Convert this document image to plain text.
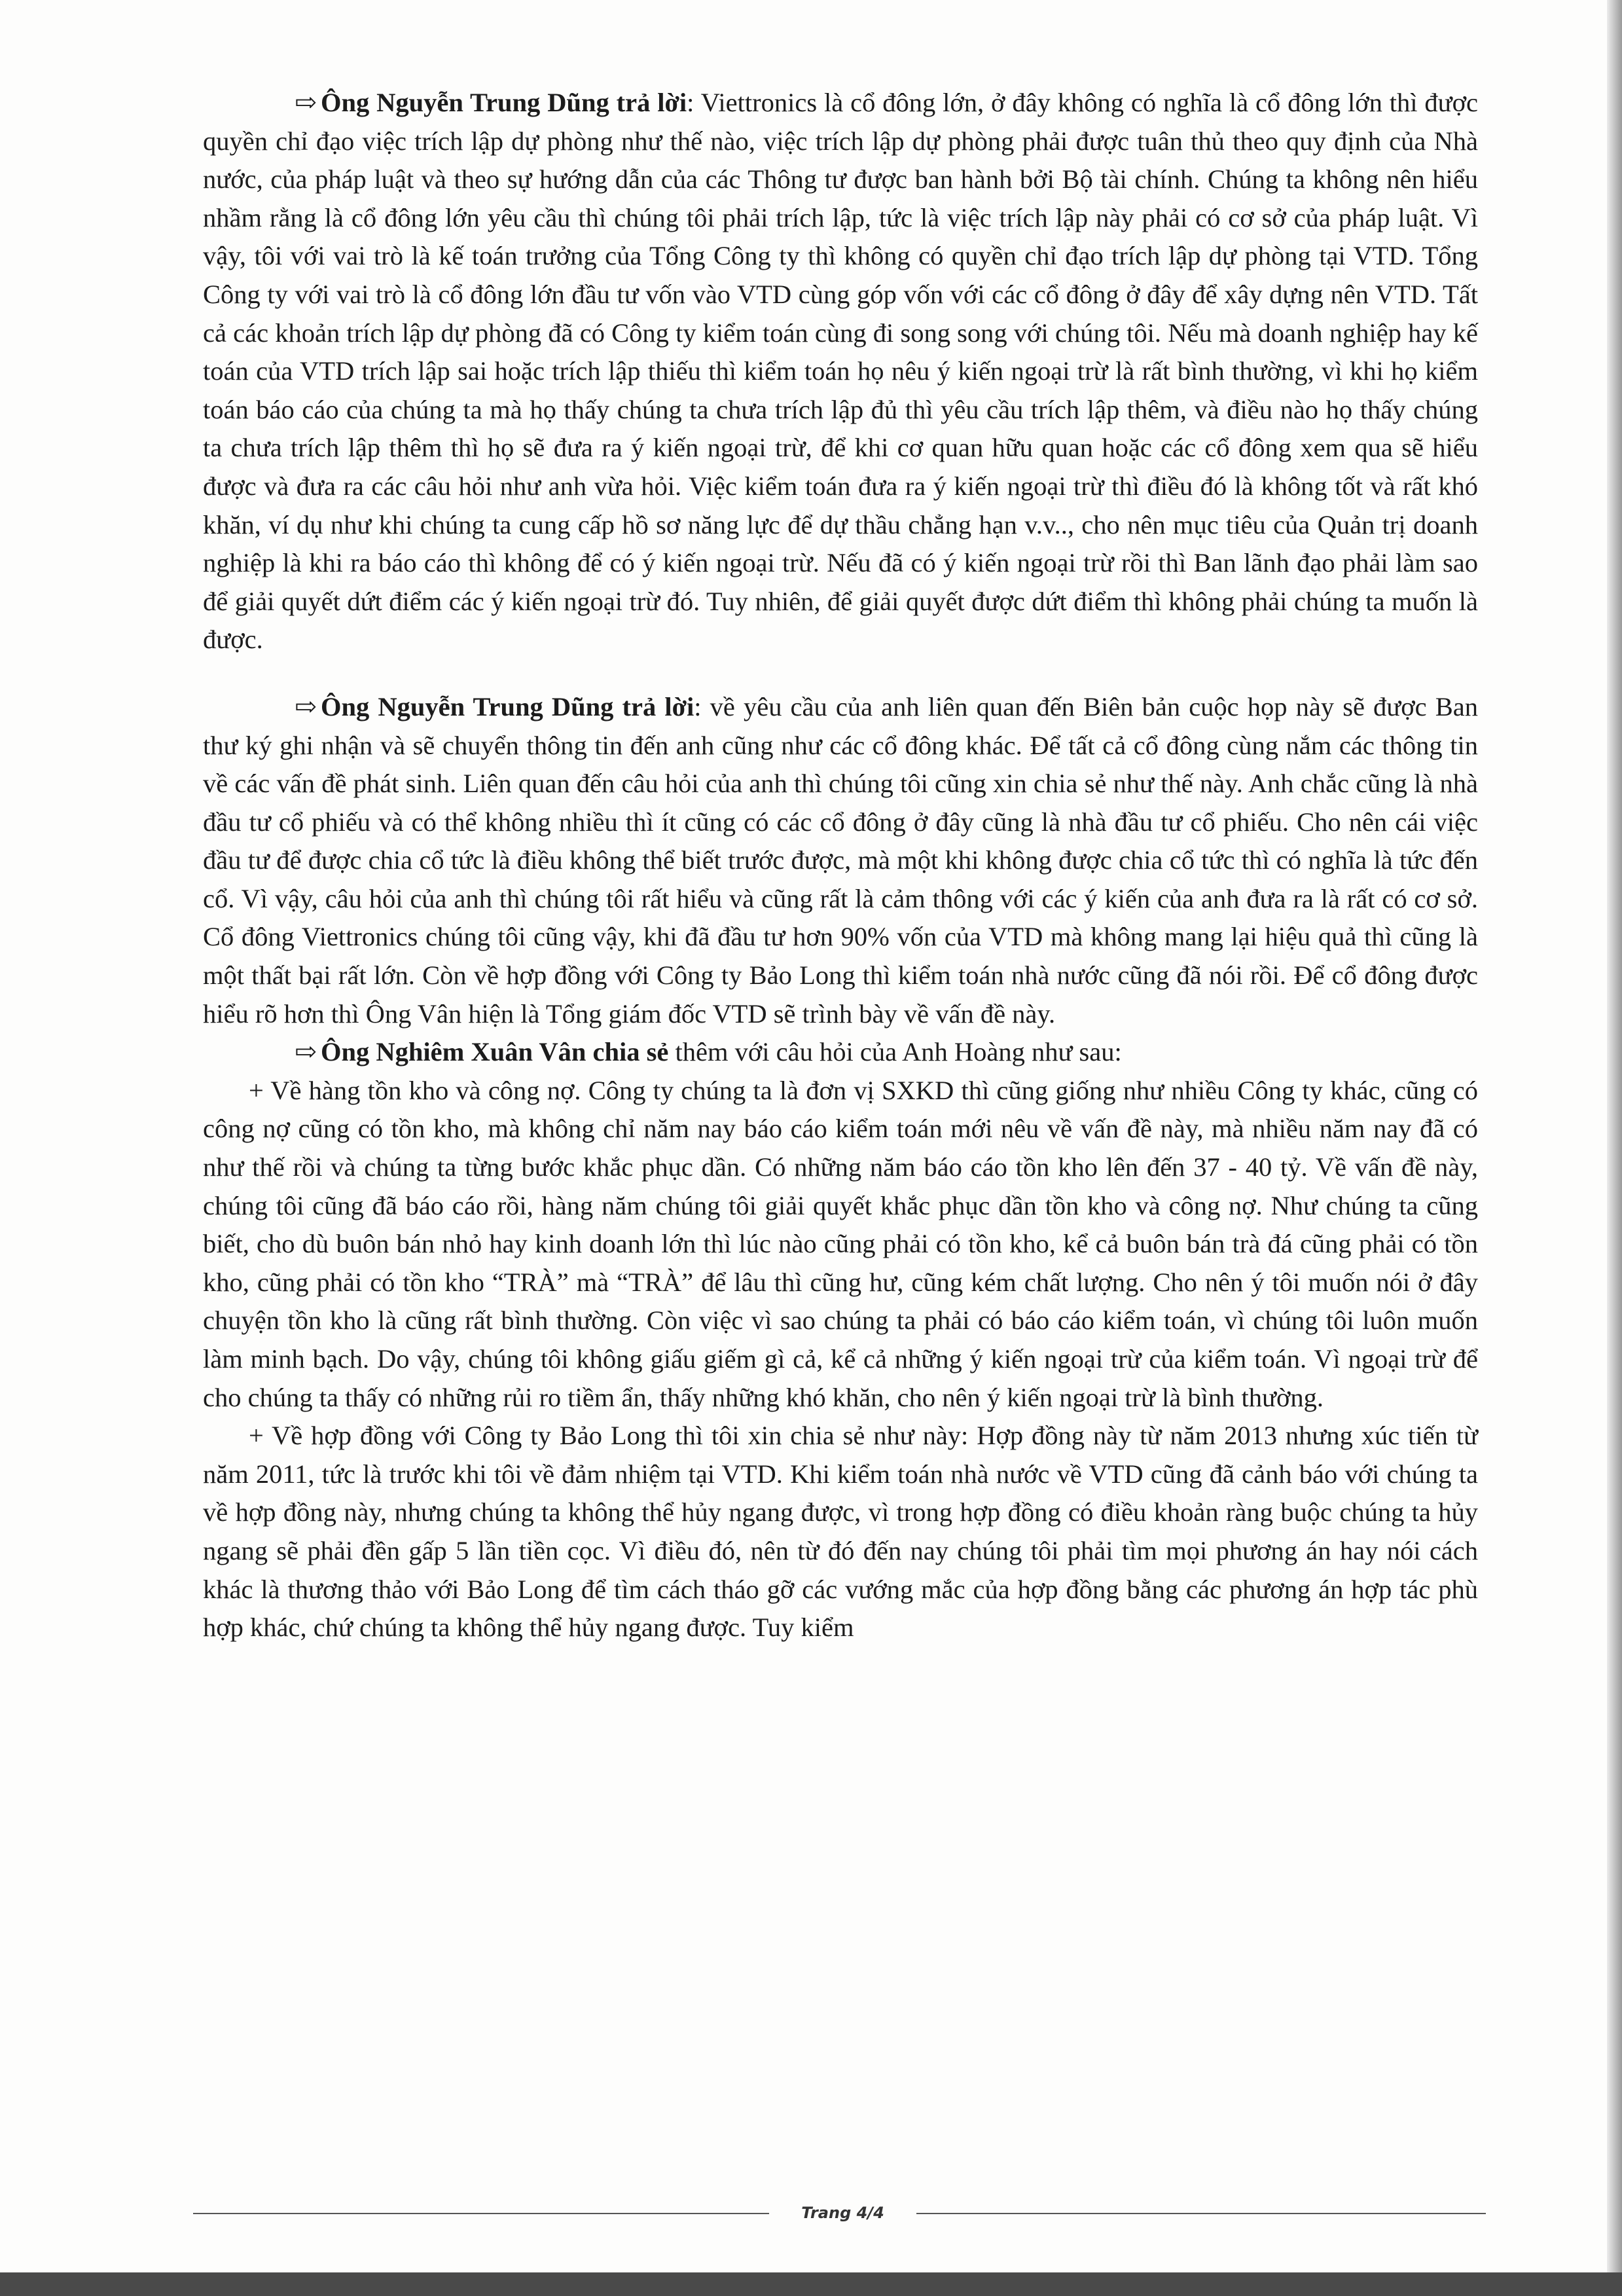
⇨ Ông Nguyễn Trung Dũng trả lời: Viettronics là cổ đông lớn, ở đây không có nghĩa là cổ đông lớn thì được quyền chỉ đạo việc trích lập dự phòng như thế nào, việc trích lập dự phòng phải được tuân thủ theo quy định của Nhà nước, của pháp luật và theo sự hướng dẫn của các Thông tư được ban hành bởi Bộ tài chính. Chúng ta không nên hiểu nhầm rằng là cổ đông lớn yêu cầu thì chúng tôi phải trích lập, tức là việc trích lập này phải có cơ sở của pháp luật. Vì vậy, tôi với vai trò là kế toán trưởng của Tổng Công ty thì không có quyền chỉ đạo trích lập dự phòng tại VTD. Tổng Công ty với vai trò là cổ đông lớn đầu tư vốn vào VTD cùng góp vốn với các cổ đông ở đây để xây dựng nên VTD. Tất cả các khoản trích lập dự phòng đã có Công ty kiểm toán cùng đi song song với chúng tôi. Nếu mà doanh nghiệp hay kế toán của VTD trích lập sai hoặc trích lập thiếu thì kiểm toán họ nêu ý kiến ngoại trừ là rất bình thường, vì khi họ kiểm toán báo cáo của chúng ta mà họ thấy chúng ta chưa trích lập đủ thì yêu cầu trích lập thêm, và điều nào họ thấy chúng ta chưa trích lập thêm thì họ sẽ đưa ra ý kiến ngoại trừ, để khi cơ quan hữu quan hoặc các cổ đông xem qua sẽ hiểu được và đưa ra các câu hỏi như anh vừa hỏi. Việc kiểm toán đưa ra ý kiến ngoại trừ thì điều đó là không tốt và rất khó khăn, ví dụ như khi chúng ta cung cấp hồ sơ năng lực để dự thầu chẳng hạn v.v.., cho nên mục tiêu của Quản trị doanh nghiệp là khi ra báo cáo thì không để có ý kiến ngoại trừ. Nếu đã có ý kiến ngoại trừ rồi thì Ban lãnh đạo phải làm sao để giải quyết dứt điểm các ý kiến ngoại trừ đó. Tuy nhiên, để giải quyết được dứt điểm thì không phải chúng ta muốn là được.

⇨ Ông Nguyễn Trung Dũng trả lời: về yêu cầu của anh liên quan đến Biên bản cuộc họp này sẽ được Ban thư ký ghi nhận và sẽ chuyển thông tin đến anh cũng như các cổ đông khác. Để tất cả cổ đông cùng nắm các thông tin về các vấn đề phát sinh. Liên quan đến câu hỏi của anh thì chúng tôi cũng xin chia sẻ như thế này. Anh chắc cũng là nhà đầu tư cổ phiếu và có thể không nhiều thì ít cũng có các cổ đông ở đây cũng là nhà đầu tư cổ phiếu. Cho nên cái việc đầu tư để được chia cổ tức là điều không thể biết trước được, mà một khi không được chia cổ tức thì có nghĩa là tức đến cổ. Vì vậy, câu hỏi của anh thì chúng tôi rất hiểu và cũng rất là cảm thông với các ý kiến của anh đưa ra là rất có cơ sở. Cổ đông Viettronics chúng tôi cũng vậy, khi đã đầu tư hơn 90% vốn của VTD mà không mang lại hiệu quả thì cũng là một thất bại rất lớn. Còn về hợp đồng với Công ty Bảo Long thì kiểm toán nhà nước cũng đã nói rồi. Để cổ đông được hiểu rõ hơn thì Ông Vân hiện là Tổng giám đốc VTD sẽ trình bày về vấn đề này.

⇨ Ông Nghiêm Xuân Vân chia sẻ thêm với câu hỏi của Anh Hoàng như sau:

+ Về hàng tồn kho và công nợ. Công ty chúng ta là đơn vị SXKD thì cũng giống như nhiều Công ty khác, cũng có công nợ cũng có tồn kho, mà không chỉ năm nay báo cáo kiểm toán mới nêu về vấn đề này, mà nhiều năm nay đã có như thế rồi và chúng ta từng bước khắc phục dần. Có những năm báo cáo tồn kho lên đến 37 - 40 tỷ. Về vấn đề này, chúng tôi cũng đã báo cáo rồi, hàng năm chúng tôi giải quyết khắc phục dần tồn kho và công nợ. Như chúng ta cũng biết, cho dù buôn bán nhỏ hay kinh doanh lớn thì lúc nào cũng phải có tồn kho, kể cả buôn bán trà đá cũng phải có tồn kho, cũng phải có tồn kho “TRÀ” mà “TRÀ” để lâu thì cũng hư, cũng kém chất lượng. Cho nên ý tôi muốn nói ở đây chuyện tồn kho là cũng rất bình thường. Còn việc vì sao chúng ta phải có báo cáo kiểm toán, vì chúng tôi luôn muốn làm minh bạch. Do vậy, chúng tôi không giấu giếm gì cả, kể cả những ý kiến ngoại trừ của kiểm toán. Vì ngoại trừ để cho chúng ta thấy có những rủi ro tiềm ẩn, thấy những khó khăn, cho nên ý kiến ngoại trừ là bình thường.

+ Về hợp đồng với Công ty Bảo Long thì tôi xin chia sẻ như này: Hợp đồng này từ năm 2013 nhưng xúc tiến từ năm 2011, tức là trước khi tôi về đảm nhiệm tại VTD. Khi kiểm toán nhà nước về VTD cũng đã cảnh báo với chúng ta về hợp đồng này, nhưng chúng ta không thể hủy ngang được, vì trong hợp đồng có điều khoản ràng buộc chúng ta hủy ngang sẽ phải đền gấp 5 lần tiền cọc. Vì điều đó, nên từ đó đến nay chúng tôi phải tìm mọi phương án hay nói cách khác là thương thảo với Bảo Long để tìm cách tháo gỡ các vướng mắc của hợp đồng bằng các phương án hợp tác phù hợp khác, chứ chúng ta không thể hủy ngang được. Tuy kiểm

Trang 4/4
